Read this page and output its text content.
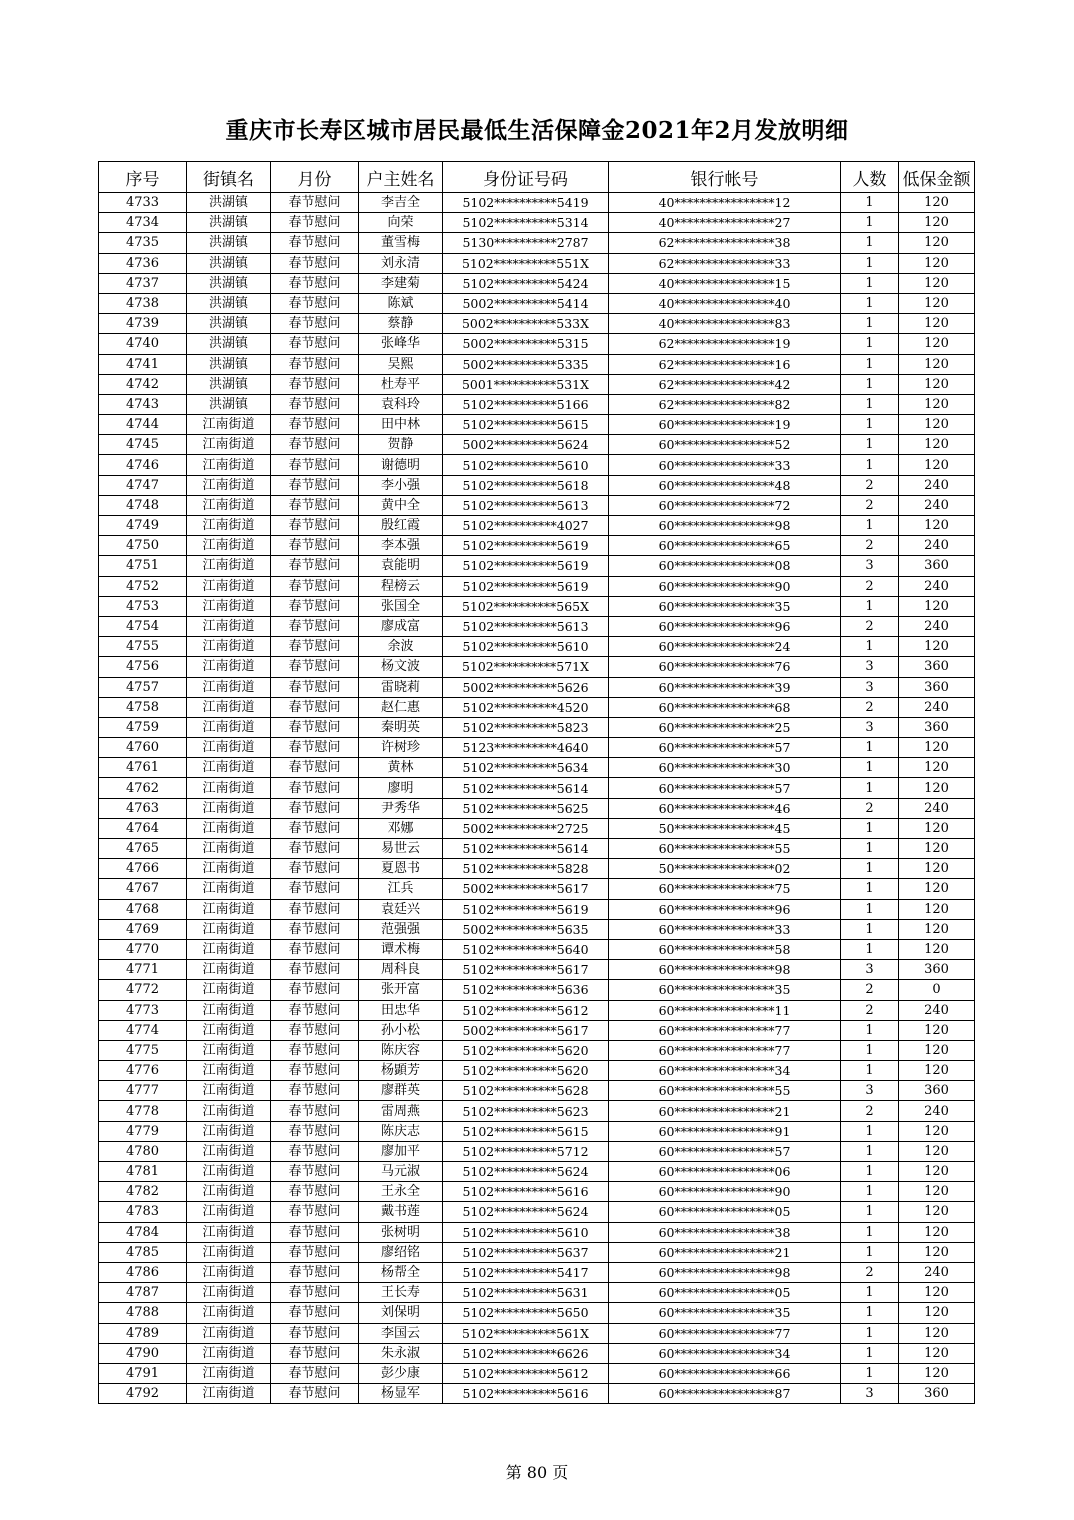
重庆市长寿区城市居民最低生活保障金2021年2月发放明细
序号	街镇名	月份	户主姓名	身份证号码	银行帐号	人数	低保金额
4733	洪湖镇	春节慰问	李吉全	5102**********5419	40****************12	1	120
4734	洪湖镇	春节慰问	向荣	5102**********5314	40****************27	1	120
4735	洪湖镇	春节慰问	董雪梅	5130**********2787	62****************38	1	120
4736	洪湖镇	春节慰问	刘永清	5102**********551X	62****************33	1	120
4737	洪湖镇	春节慰问	李建菊	5102**********5424	40****************15	1	120
4738	洪湖镇	春节慰问	陈斌	5002**********5414	40****************40	1	120
4739	洪湖镇	春节慰问	蔡静	5002**********533X	40****************83	1	120
4740	洪湖镇	春节慰问	张峰华	5002**********5315	62****************19	1	120
4741	洪湖镇	春节慰问	吴熙	5002**********5335	62****************16	1	120
4742	洪湖镇	春节慰问	杜寿平	5001**********531X	62****************42	1	120
4743	洪湖镇	春节慰问	袁科玲	5102**********5166	62****************82	1	120
4744	江南街道	春节慰问	田中林	5102**********5615	60****************19	1	120
4745	江南街道	春节慰问	贺静	5002**********5624	60****************52	1	120
4746	江南街道	春节慰问	谢德明	5102**********5610	60****************33	1	120
4747	江南街道	春节慰问	李小强	5102**********5618	60****************48	2	240
4748	江南街道	春节慰问	黄中全	5102**********5613	60****************72	2	240
4749	江南街道	春节慰问	殷红霞	5102**********4027	60****************98	1	120
4750	江南街道	春节慰问	李本强	5102**********5619	60****************65	2	240
4751	江南街道	春节慰问	袁能明	5102**********5619	60****************08	3	360
4752	江南街道	春节慰问	程榜云	5102**********5619	60****************90	2	240
4753	江南街道	春节慰问	张国全	5102**********565X	60****************35	1	120
4754	江南街道	春节慰问	廖成富	5102**********5613	60****************96	2	240
4755	江南街道	春节慰问	余波	5102**********5610	60****************24	1	120
4756	江南街道	春节慰问	杨文波	5102**********571X	60****************76	3	360
4757	江南街道	春节慰问	雷晓莉	5002**********5626	60****************39	3	360
4758	江南街道	春节慰问	赵仁惠	5102**********4520	60****************68	2	240
4759	江南街道	春节慰问	秦明英	5102**********5823	60****************25	3	360
4760	江南街道	春节慰问	许树珍	5123**********4640	60****************57	1	120
4761	江南街道	春节慰问	黄林	5102**********5634	60****************30	1	120
4762	江南街道	春节慰问	廖明	5102**********5614	60****************57	1	120
4763	江南街道	春节慰问	尹秀华	5102**********5625	60****************46	2	240
4764	江南街道	春节慰问	邓娜	5002**********2725	50****************45	1	120
4765	江南街道	春节慰问	易世云	5102**********5614	60****************55	1	120
4766	江南街道	春节慰问	夏恩书	5102**********5828	50****************02	1	120
4767	江南街道	春节慰问	江兵	5002**********5617	60****************75	1	120
4768	江南街道	春节慰问	袁廷兴	5102**********5619	60****************96	1	120
4769	江南街道	春节慰问	范强强	5002**********5635	60****************33	1	120
4770	江南街道	春节慰问	谭术梅	5102**********5640	60****************58	1	120
4771	江南街道	春节慰问	周科良	5102**********5617	60****************98	3	360
4772	江南街道	春节慰问	张开富	5102**********5636	60****************35	2	0
4773	江南街道	春节慰问	田忠华	5102**********5612	60****************11	2	240
4774	江南街道	春节慰问	孙小松	5002**********5617	60****************77	1	120
4775	江南街道	春节慰问	陈庆容	5102**********5620	60****************77	1	120
4776	江南街道	春节慰问	杨顕芳	5102**********5620	60****************34	1	120
4777	江南街道	春节慰问	廖群英	5102**********5628	60****************55	3	360
4778	江南街道	春节慰问	雷周燕	5102**********5623	60****************21	2	240
4779	江南街道	春节慰问	陈庆志	5102**********5615	60****************91	1	120
4780	江南街道	春节慰问	廖加平	5102**********5712	60****************57	1	120
4781	江南街道	春节慰问	马元淑	5102**********5624	60****************06	1	120
4782	江南街道	春节慰问	王永全	5102**********5616	60****************90	1	120
4783	江南街道	春节慰问	戴书莲	5102**********5624	60****************05	1	120
4784	江南街道	春节慰问	张树明	5102**********5610	60****************38	1	120
4785	江南街道	春节慰问	廖绍铭	5102**********5637	60****************21	1	120
4786	江南街道	春节慰问	杨帮全	5102**********5417	60****************98	2	240
4787	江南街道	春节慰问	王长寿	5102**********5631	60****************05	1	120
4788	江南街道	春节慰问	刘保明	5102**********5650	60****************35	1	120
4789	江南街道	春节慰问	李国云	5102**********561X	60****************77	1	120
4790	江南街道	春节慰问	朱永淑	5102**********6626	60****************34	1	120
4791	江南街道	春节慰问	彭少康	5102**********5612	60****************66	1	120
4792	江南街道	春节慰问	杨显军	5102**********5616	60****************87	3	360
第 80 页
